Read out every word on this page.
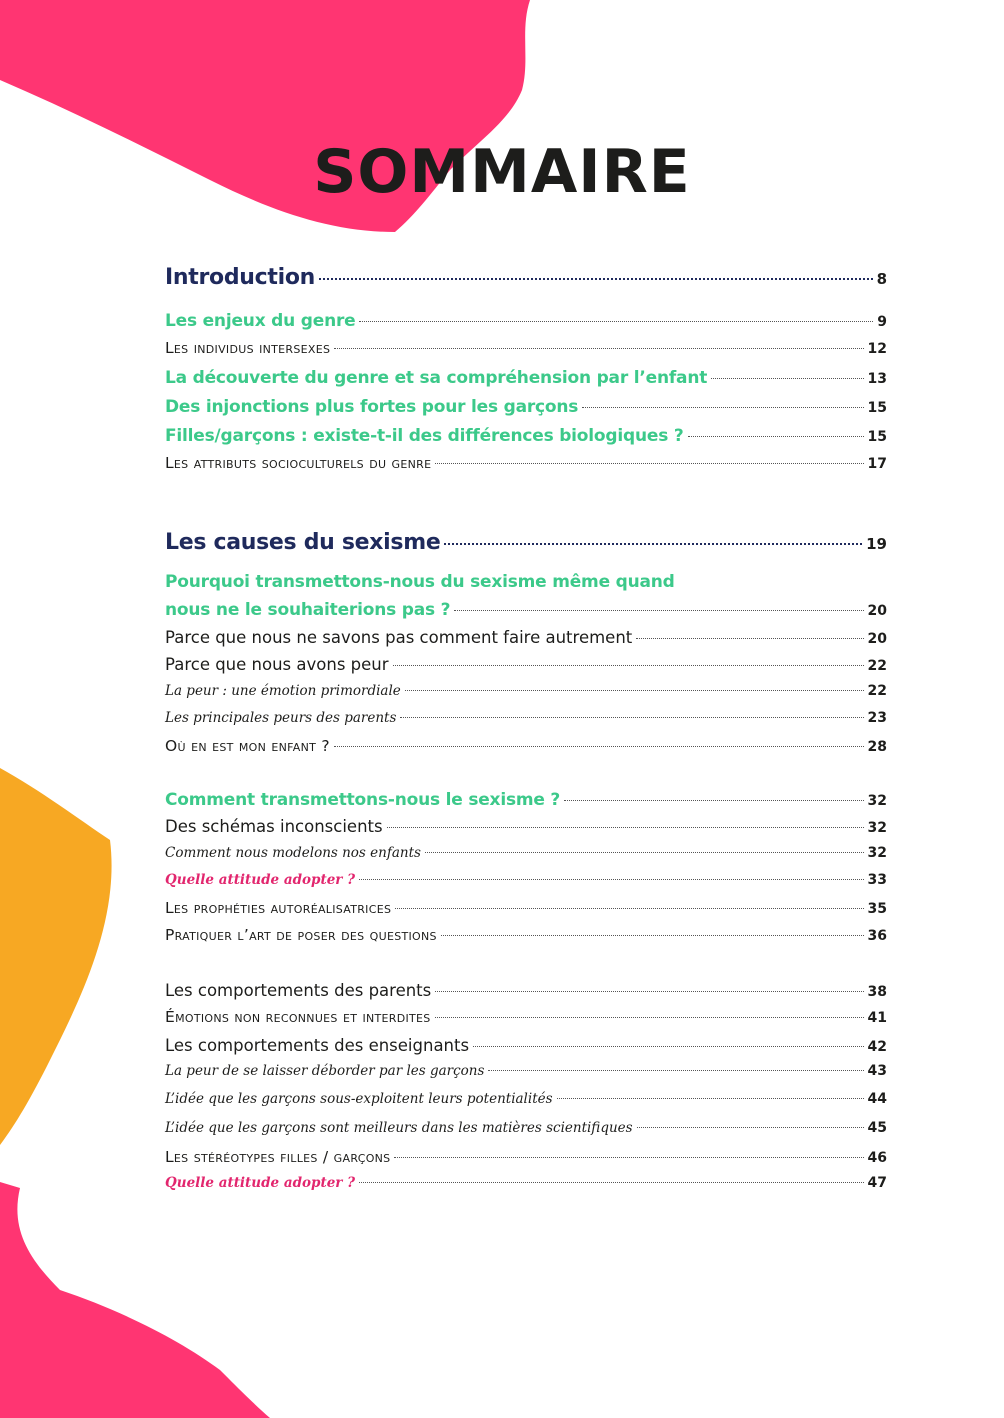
SOMMAIRE
Introduction	8
Les enjeux du genre	9
Les individus intersexes	12
La découverte du genre et sa compréhension par l’enfant	13
Des injonctions plus fortes pour les garçons	15
Filles/garçons : existe-t-il des différences biologiques ?	15
Les attributs socioculturels du genre	17
Les causes du sexisme	19
Pourquoi transmettons-nous du sexisme même quand
nous ne le souhaiterions pas ?	20
Parce que nous ne savons pas comment faire autrement	20
Parce que nous avons peur	22
La peur : une émotion primordiale	22
Les principales peurs des parents	23
Où en est mon enfant ?	28
Comment transmettons-nous le sexisme ?	32
Des schémas inconscients	32
Comment nous modelons nos enfants	32
Quelle attitude adopter ?	33
Les prophéties autoréalisatrices	35
Pratiquer l’art de poser des questions	36
Les comportements des parents	38
Émotions non reconnues et interdites	41
Les comportements des enseignants	42
La peur de se laisser déborder par les garçons	43
L’idée que les garçons sous-exploitent leurs potentialités	44
L’idée que les garçons sont meilleurs dans les matières scientifiques	45
Les stéréotypes filles / garçons	46
Quelle attitude adopter ?	47
